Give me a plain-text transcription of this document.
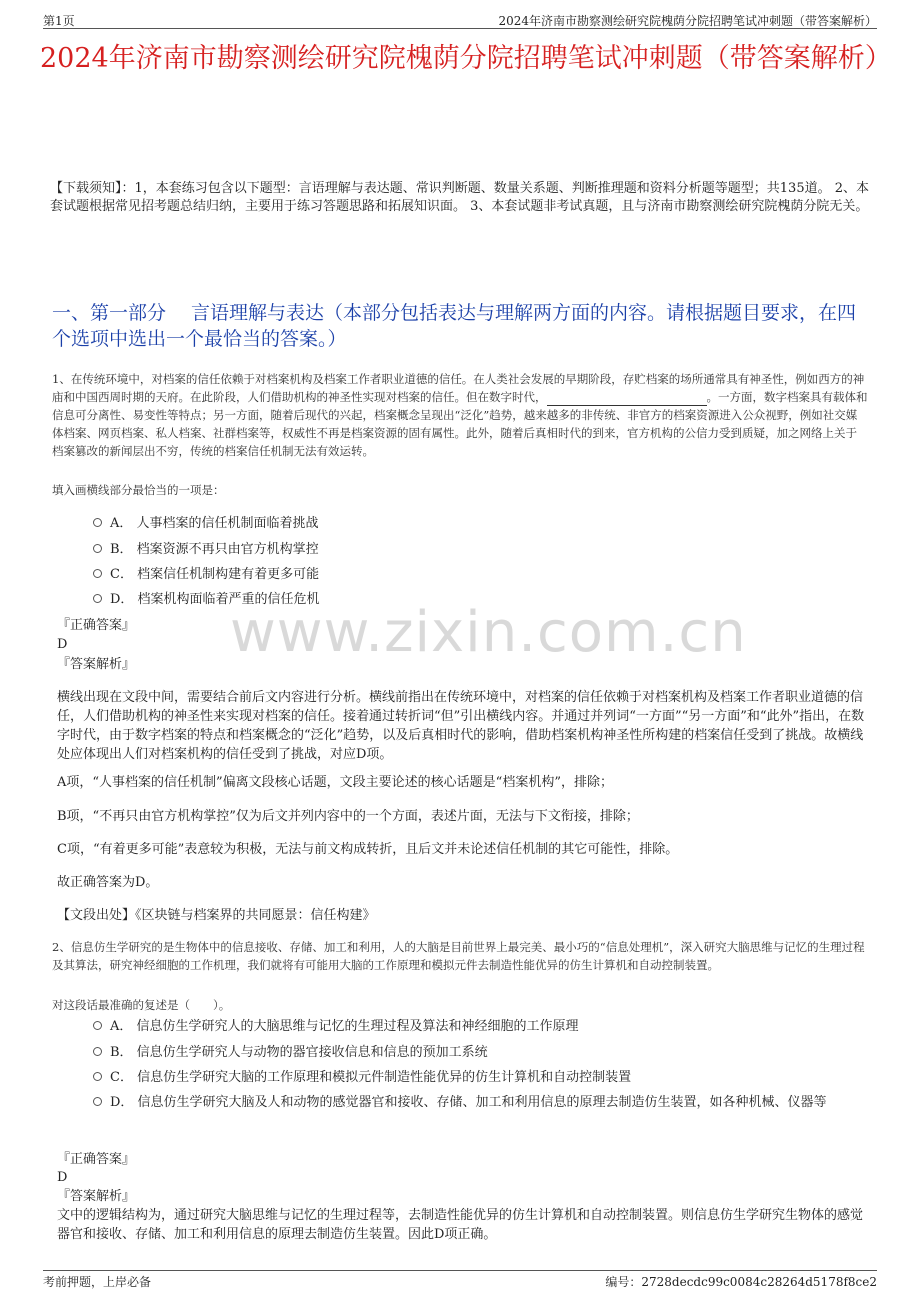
第1页	2024年济南市勘察测绘研究院槐荫分院招聘笔试冲刺题（带答案解析）
2024年济南市勘察测绘研究院槐荫分院招聘笔试冲刺题（带答案解析）
【下载须知】：1，本套练习包含以下题型：言语理解与表达题、常识判断题、数量关系题、判断推理题和资料分析题等题型；共135道。 2、本套试题根据常见招考题总结归纳，主要用于练习答题思路和拓展知识面。 3、本套试题非考试真题，且与济南市勘察测绘研究院槐荫分院无关。
一、第一部分　 言语理解与表达（本部分包括表达与理解两方面的内容。请根据题目要求，在四个选项中选出一个最恰当的答案。）
1、在传统环境中，对档案的信任依赖于对档案机构及档案工作者职业道德的信任。在人类社会发展的早期阶段，存贮档案的场所通常具有神圣性，例如西方的神庙和中国西周时期的天府。在此阶段，人们借助机构的神圣性实现对档案的信任。但在数字时代，	。一方面，数字档案具有载体和信息可分离性、易变性等特点；另一方面，随着后现代的兴起，档案概念呈现出“泛化”趋势，越来越多的非传统、非官方的档案资源进入公众视野，例如社交媒体档案、网页档案、私人档案、社群档案等，权威性不再是档案资源的固有属性。此外，随着后真相时代的到来，官方机构的公信力受到质疑，加之网络上关于档案篡改的新闻层出不穷，传统的档案信任机制无法有效运转。
填入画横线部分最恰当的一项是：
A． 人事档案的信任机制面临着挑战
B． 档案资源不再只由官方机构掌控
C． 档案信任机制构建有着更多可能
D． 档案机构面临着严重的信任危机
www.zixin.com.cn
『正确答案』
D
『答案解析』
横线出现在文段中间，需要结合前后文内容进行分析。横线前指出在传统环境中，对档案的信任依赖于对档案机构及档案工作者职业道德的信任，人们借助机构的神圣性来实现对档案的信任。接着通过转折词“但”引出横线内容。并通过并列词“一方面”“另一方面”和“此外”指出，在数字时代，由于数字档案的特点和档案概念的“泛化”趋势，以及后真相时代的影响，借助档案机构神圣性所构建的档案信任受到了挑战。故横线处应体现出人们对档案机构的信任受到了挑战，对应D项。
A项，“人事档案的信任机制”偏离文段核心话题，文段主要论述的核心话题是“档案机构”，排除；
B项，“不再只由官方机构掌控”仅为后文并列内容中的一个方面，表述片面，无法与下文衔接，排除；
C项，“有着更多可能”表意较为积极，无法与前文构成转折，且后文并未论述信任机制的其它可能性，排除。
故正确答案为D。
【文段出处】《区块链与档案界的共同愿景：信任构建》
2、信息仿生学研究的是生物体中的信息接收、存储、加工和利用，人的大脑是目前世界上最完美、最小巧的“信息处理机”，深入研究大脑思维与记忆的生理过程及其算法，研究神经细胞的工作机理，我们就将有可能用大脑的工作原理和模拟元件去制造性能优异的仿生计算机和自动控制装置。
对这段话最准确的复述是（　　）。
A． 信息仿生学研究人的大脑思维与记忆的生理过程及算法和神经细胞的工作原理
B． 信息仿生学研究人与动物的器官接收信息和信息的预加工系统
C． 信息仿生学研究大脑的工作原理和模拟元件制造性能优异的仿生计算机和自动控制装置
D． 信息仿生学研究大脑及人和动物的感觉器官和接收、存储、加工和利用信息的原理去制造仿生装置，如各种机械、仪器等
『正确答案』
D
『答案解析』
文中的逻辑结构为，通过研究大脑思维与记忆的生理过程等，去制造性能优异的仿生计算机和自动控制装置。则信息仿生学研究生物体的感觉器官和接收、存储、加工和利用信息的原理去制造仿生装置。因此D项正确。
考前押题，上岸必备	编号：2728decdc99c0084c28264d5178f8ce2
